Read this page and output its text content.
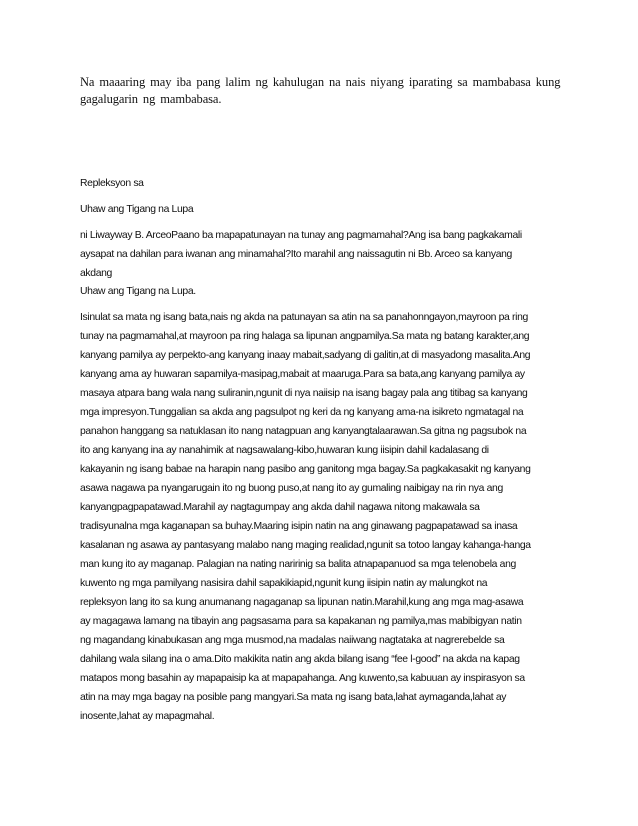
Na maaaring may iba pang lalim ng kahulugan na nais niyang iparating sa mambabasa kung
gagalugarin ng mambabasa.

Repleksyon sa

Uhaw ang Tigang na Lupa

ni Liwayway B. ArceoPaano ba mapapatunayan na tunay ang pagmamahal?Ang isa bang pagkakamali
aysapat na dahilan para iwanan ang minamahal?Ito marahil ang naissagutin ni Bb. Arceo sa kanyang
akdang

Uhaw ang Tigang na Lupa.

Isinulat sa mata ng isang bata,nais ng akda na patunayan sa atin na sa panahonngayon,mayroon pa ring
tunay na pagmamahal,at mayroon pa ring halaga sa lipunan angpamilya.Sa mata ng batang karakter,ang
kanyang pamilya ay perpekto-ang kanyang inaay mabait,sadyang di galitin,at di masyadong masalita.Ang
kanyang ama ay huwaran sapamilya-masipag,mabait at maaruga.Para sa bata,ang kanyang pamilya ay
masaya atpara bang wala nang suliranin,ngunit di nya naiisip na isang bagay pala ang titibag sa kanyang
mga impresyon.Tunggalian sa akda ang pagsulpot ng keri da ng kanyang ama-na isikreto ngmatagal na
panahon hanggang sa natuklasan ito nang natagpuan ang kanyangtalaarawan.Sa gitna ng pagsubok na
ito ang kanyang ina ay nanahimik at nagsawalang-kibo,huwaran kung iisipin dahil kadalasang di
kakayanin ng isang babae na harapin nang pasibo ang ganitong mga bagay.Sa pagkakasakit ng kanyang
asawa nagawa pa nyangarugain ito ng buong puso,at nang ito ay gumaling naibigay na rin nya ang
kanyangpagpapatawad.Marahil ay nagtagumpay ang akda dahil nagawa nitong makawala sa
tradisyunalna mga kaganapan sa buhay.Maaring isipin natin na ang ginawang pagpapatawad sa inasa
kasalanan ng asawa ay pantasyang malabo nang maging realidad,ngunit sa totoo langay kahanga-hanga
man kung ito ay maganap. Palagian na nating naririnig sa balita atnapapanuod sa mga telenobela ang
kuwento ng mga pamilyang nasisira dahil sapakikiapid,ngunit kung iisipin natin ay malungkot na
repleksyon lang ito sa kung anumanang nagaganap sa lipunan natin.Marahil,kung ang mga mag-asawa
ay magagawa lamang na tibayin ang pagsasama para sa kapakanan ng pamilya,mas mabibigyan natin
ng magandang kinabukasan ang mga musmod,na madalas naiiwang nagtataka at nagrerebelde sa
dahilang wala silang ina o ama.Dito makikita natin ang akda bilang isang “fee l-good” na akda na kapag
matapos mong basahin ay mapapaisip ka at mapapahanga. Ang kuwento,sa kabuuan ay inspirasyon sa
atin na may mga bagay na posible pang mangyari.Sa mata ng isang bata,lahat aymaganda,lahat ay
inosente,lahat ay mapagmahal.
